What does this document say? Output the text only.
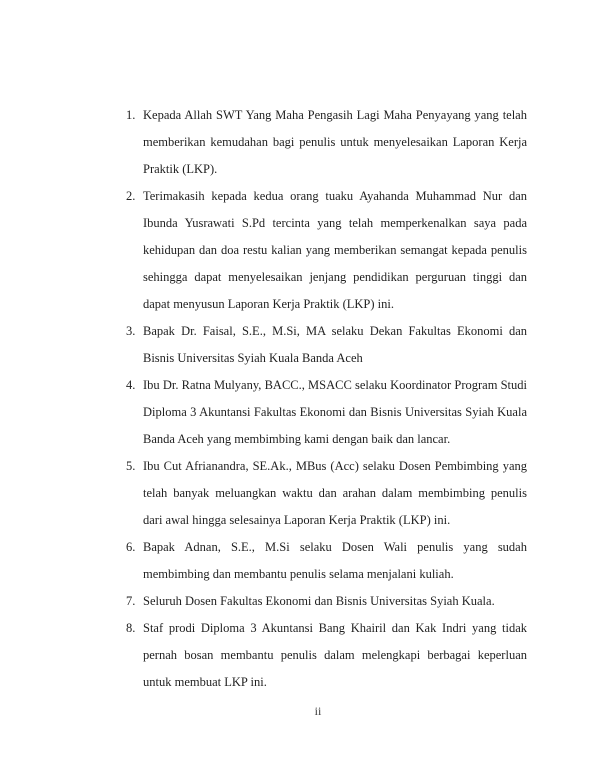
1. Kepada Allah SWT Yang Maha Pengasih Lagi Maha Penyayang yang telah memberikan kemudahan bagi penulis untuk menyelesaikan Laporan Kerja Praktik (LKP).
2. Terimakasih kepada kedua orang tuaku Ayahanda Muhammad Nur dan Ibunda Yusrawati S.Pd tercinta yang telah memperkenalkan saya pada kehidupan dan doa restu kalian yang memberikan semangat kepada penulis sehingga dapat menyelesaikan jenjang pendidikan perguruan tinggi dan dapat menyusun Laporan Kerja Praktik (LKP) ini.
3. Bapak Dr. Faisal, S.E., M.Si, MA selaku Dekan Fakultas Ekonomi dan Bisnis Universitas Syiah Kuala Banda Aceh
4. Ibu Dr. Ratna Mulyany, BACC., MSACC selaku Koordinator Program Studi Diploma 3 Akuntansi Fakultas Ekonomi dan Bisnis Universitas Syiah Kuala Banda Aceh yang membimbing kami dengan baik dan lancar.
5. Ibu Cut Afrianandra, SE.Ak., MBus (Acc) selaku Dosen Pembimbing yang telah banyak meluangkan waktu dan arahan dalam membimbing penulis dari awal hingga selesainya Laporan Kerja Praktik (LKP) ini.
6. Bapak Adnan, S.E., M.Si selaku Dosen Wali penulis yang sudah membimbing dan membantu penulis selama menjalani kuliah.
7. Seluruh Dosen Fakultas Ekonomi dan Bisnis Universitas Syiah Kuala.
8. Staf prodi Diploma 3 Akuntansi Bang Khairil dan Kak Indri yang tidak pernah bosan membantu penulis dalam melengkapi berbagai keperluan untuk membuat LKP ini.
ii
